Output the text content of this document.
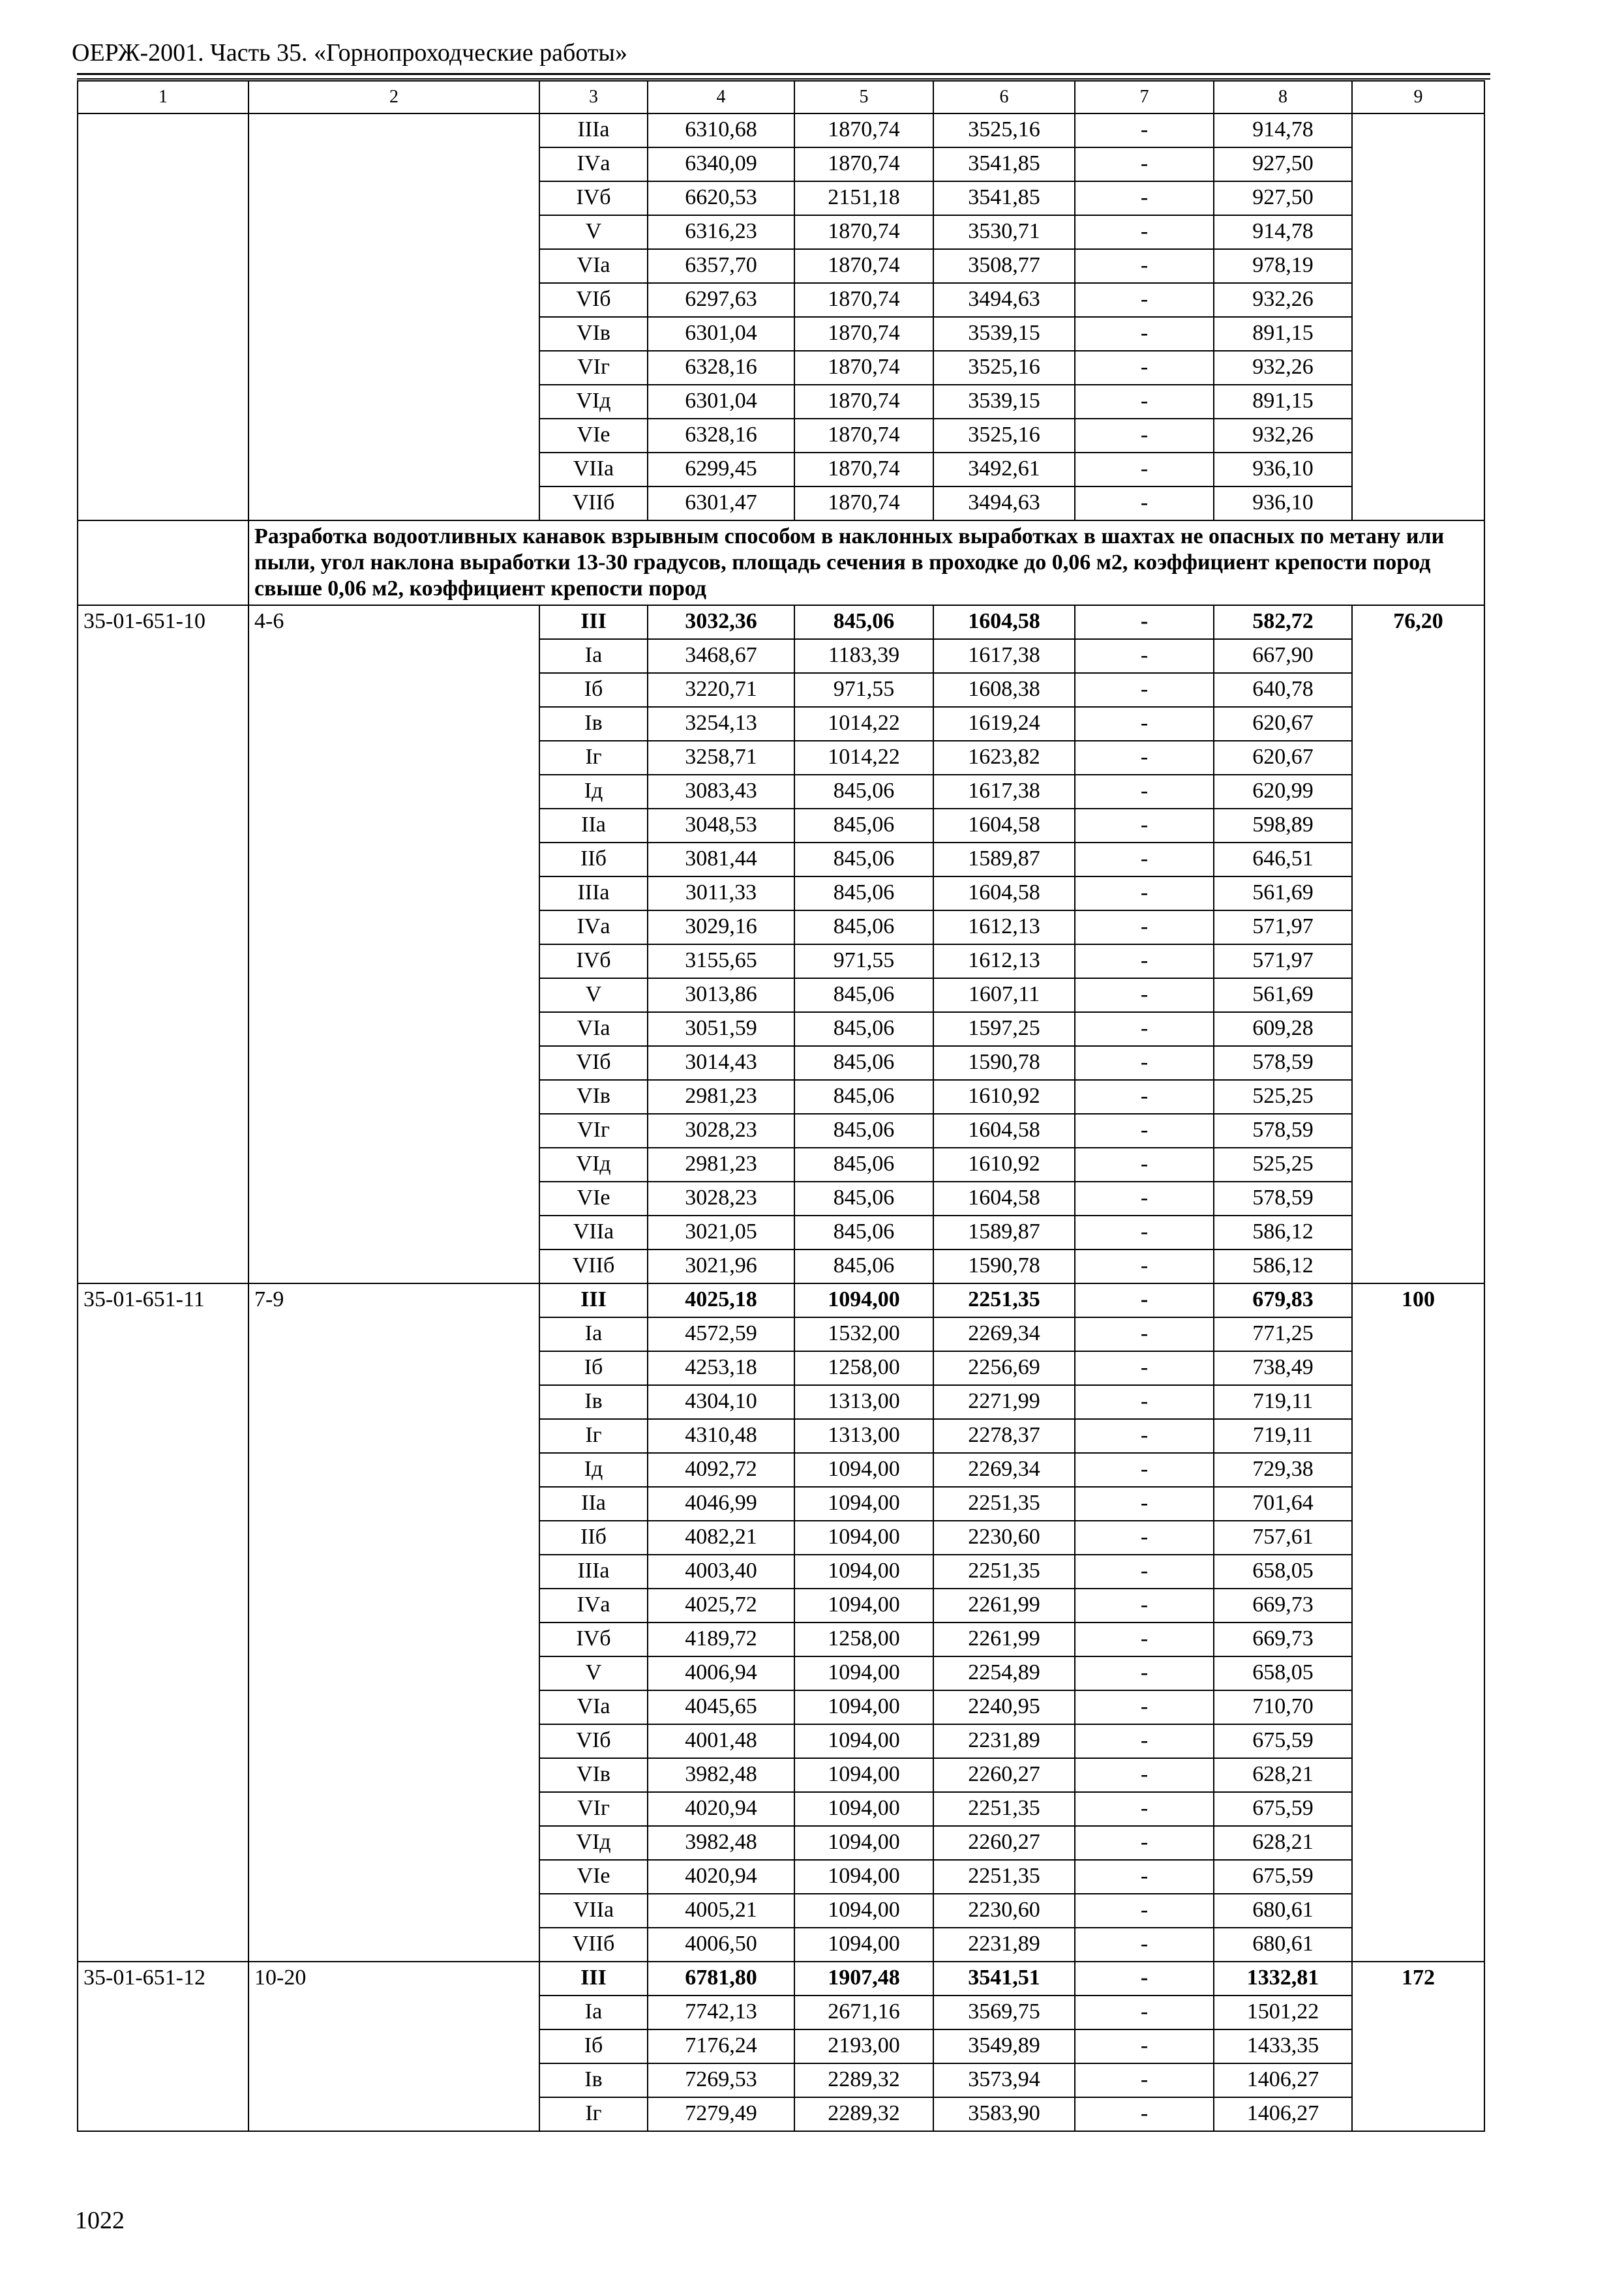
ОЕРЖ-2001. Часть 35. «Горнопроходческие работы»
1	2	3	4	5	6	7	8	9
		IIIа	6310,68	1870,74	3525,16	-	914,78	
		IVа	6340,09	1870,74	3541,85	-	927,50	
		IVб	6620,53	2151,18	3541,85	-	927,50	
		V	6316,23	1870,74	3530,71	-	914,78	
		VIа	6357,70	1870,74	3508,77	-	978,19	
		VIб	6297,63	1870,74	3494,63	-	932,26	
		VIв	6301,04	1870,74	3539,15	-	891,15	
		VIг	6328,16	1870,74	3525,16	-	932,26	
		VIд	6301,04	1870,74	3539,15	-	891,15	
		VIе	6328,16	1870,74	3525,16	-	932,26	
		VIIа	6299,45	1870,74	3492,61	-	936,10	
		VIIб	6301,47	1870,74	3494,63	-	936,10	
	Разработка водоотливных канавок взрывным способом в наклонных выработках в шахтах не опасных по метану или пыли, угол наклона выработки 13-30 градусов, площадь сечения в проходке до 0,06 м2, коэффициент крепости пород свыше 0,06 м2, коэффициент крепости пород							
35-01-651-10	4-6	III	3032,36	845,06	1604,58	-	582,72	76,20
		Iа	3468,67	1183,39	1617,38	-	667,90	
		Iб	3220,71	971,55	1608,38	-	640,78	
		Iв	3254,13	1014,22	1619,24	-	620,67	
		Iг	3258,71	1014,22	1623,82	-	620,67	
		Iд	3083,43	845,06	1617,38	-	620,99	
		IIа	3048,53	845,06	1604,58	-	598,89	
		IIб	3081,44	845,06	1589,87	-	646,51	
		IIIа	3011,33	845,06	1604,58	-	561,69	
		IVа	3029,16	845,06	1612,13	-	571,97	
		IVб	3155,65	971,55	1612,13	-	571,97	
		V	3013,86	845,06	1607,11	-	561,69	
		VIа	3051,59	845,06	1597,25	-	609,28	
		VIб	3014,43	845,06	1590,78	-	578,59	
		VIв	2981,23	845,06	1610,92	-	525,25	
		VIг	3028,23	845,06	1604,58	-	578,59	
		VIд	2981,23	845,06	1610,92	-	525,25	
		VIе	3028,23	845,06	1604,58	-	578,59	
		VIIа	3021,05	845,06	1589,87	-	586,12	
		VIIб	3021,96	845,06	1590,78	-	586,12	
35-01-651-11	7-9	III	4025,18	1094,00	2251,35	-	679,83	100
		Iа	4572,59	1532,00	2269,34	-	771,25	
		Iб	4253,18	1258,00	2256,69	-	738,49	
		Iв	4304,10	1313,00	2271,99	-	719,11	
		Iг	4310,48	1313,00	2278,37	-	719,11	
		Iд	4092,72	1094,00	2269,34	-	729,38	
		IIа	4046,99	1094,00	2251,35	-	701,64	
		IIб	4082,21	1094,00	2230,60	-	757,61	
		IIIа	4003,40	1094,00	2251,35	-	658,05	
		IVа	4025,72	1094,00	2261,99	-	669,73	
		IVб	4189,72	1258,00	2261,99	-	669,73	
		V	4006,94	1094,00	2254,89	-	658,05	
		VIа	4045,65	1094,00	2240,95	-	710,70	
		VIб	4001,48	1094,00	2231,89	-	675,59	
		VIв	3982,48	1094,00	2260,27	-	628,21	
		VIг	4020,94	1094,00	2251,35	-	675,59	
		VIд	3982,48	1094,00	2260,27	-	628,21	
		VIе	4020,94	1094,00	2251,35	-	675,59	
		VIIа	4005,21	1094,00	2230,60	-	680,61	
		VIIб	4006,50	1094,00	2231,89	-	680,61	
35-01-651-12	10-20	III	6781,80	1907,48	3541,51	-	1332,81	172
		Iа	7742,13	2671,16	3569,75	-	1501,22	
		Iб	7176,24	2193,00	3549,89	-	1433,35	
		Iв	7269,53	2289,32	3573,94	-	1406,27	
		Iг	7279,49	2289,32	3583,90	-	1406,27	
1022
